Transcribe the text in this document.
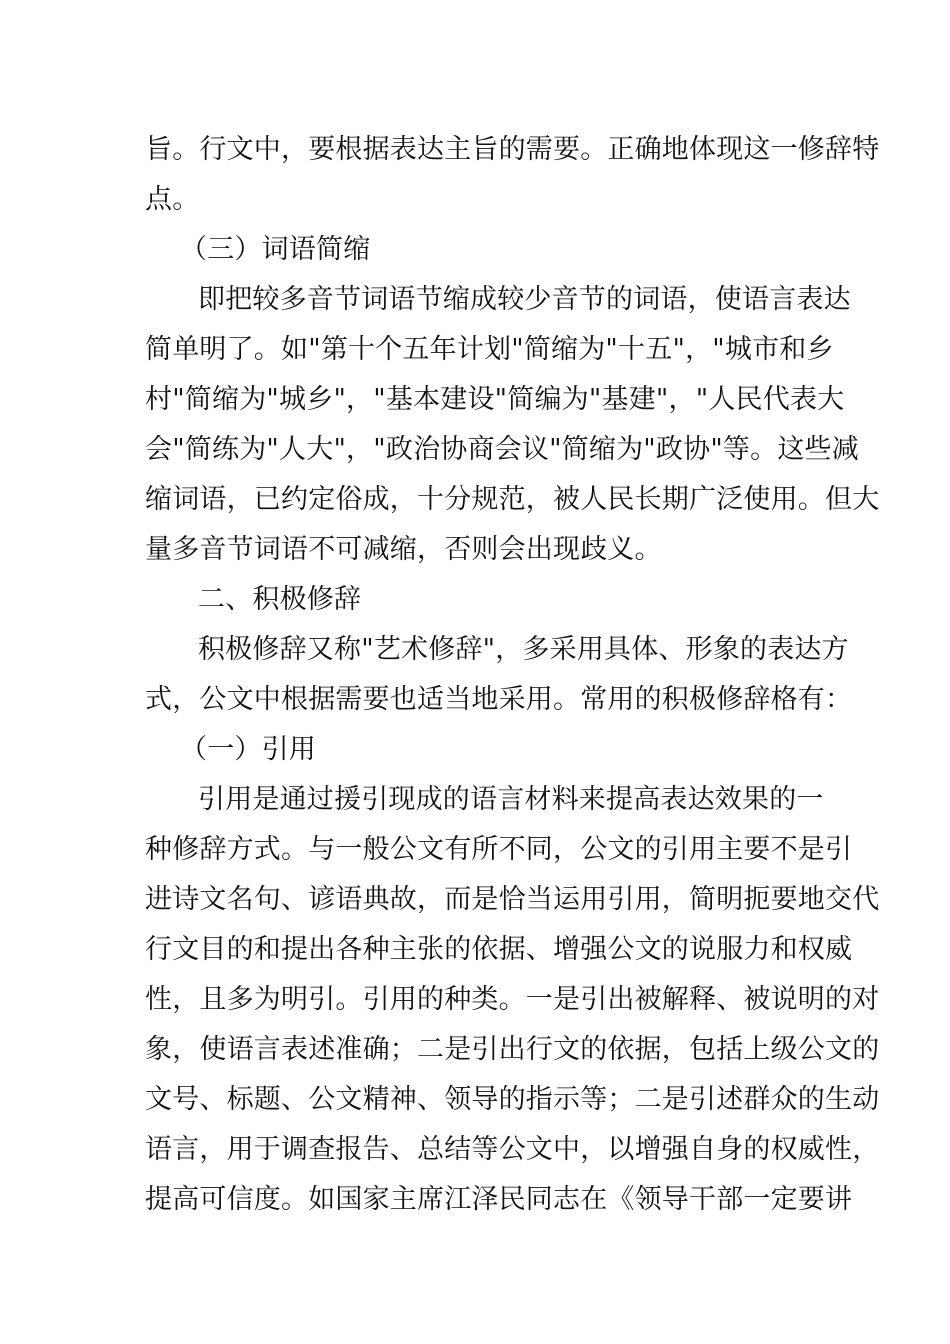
旨。行文中，要根据表达主旨的需要。正确地体现这一修辞特
点。
（三）词语简缩
即把较多音节词语节缩成较少音节的词语，使语言表达
简单明了。如"第十个五年计划"简缩为"十五"，"城市和乡
村"简缩为"城乡"，"基本建设"简编为"基建"，"人民代表大
会"简练为"人大"，"政治协商会议"简缩为"政协"等。这些减
缩词语，已约定俗成，十分规范，被人民长期广泛使用。但大
量多音节词语不可减缩，否则会出现歧义。
二、积极修辞
积极修辞又称"艺术修辞"，多采用具体、形象的表达方
式，公文中根据需要也适当地采用。常用的积极修辞格有：
（一）引用
引用是通过援引现成的语言材料来提高表达效果的一
种修辞方式。与一般公文有所不同，公文的引用主要不是引
进诗文名句、谚语典故，而是恰当运用引用，简明扼要地交代
行文目的和提出各种主张的依据、增强公文的说服力和权威
性，且多为明引。引用的种类。一是引出被解释、被说明的对
象，使语言表述准确；二是引出行文的依据，包括上级公文的
文号、标题、公文精神、领导的指示等；二是引述群众的生动
语言，用于调查报告、总结等公文中，以增强自身的权威性，
提高可信度。如国家主席江泽民同志在《领导干部一定要讲
